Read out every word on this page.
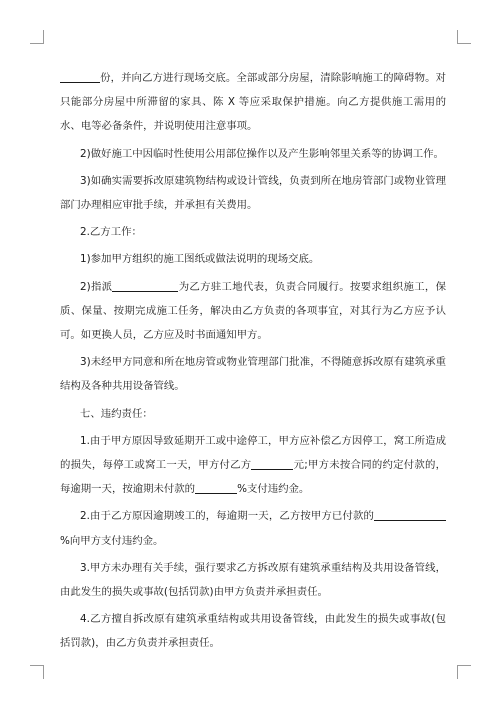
份，并向乙方进行现场交底。全部或部分房屋，清除影响施工的障碍物。对只能部分房屋中所滞留的家具、陈 X 等应采取保护措施。向乙方提供施工需用的水、电等必备条件，并说明使用注意事项。

2)做好施工中因临时性使用公用部位操作以及产生影响邻里关系等的协调工作。

3)如确实需要拆改原建筑物结构或设计管线，负责到所在地房管部门或物业管理部门办理相应审批手续，并承担有关费用。

2.乙方工作：

1)参加甲方组织的施工图纸或做法说明的现场交底。

2)指派	为乙方驻工地代表，负责合同履行。按要求组织施工，保质、保量、按期完成施工任务，解决由乙方负责的各项事宜，对其行为乙方应予认可。如更换人员，乙方应及时书面通知甲方。

3)未经甲方同意和所在地房管或物业管理部门批准，不得随意拆改原有建筑承重结构及各种共用设备管线。

七、违约责任：

1.由于甲方原因导致延期开工或中途停工，甲方应补偿乙方因停工，窝工所造成的损失，每停工或窝工一天，甲方付乙方	元;甲方未按合同的约定付款的，每逾期一天，按逾期未付款的	%支付违约金。

2.由于乙方原因逾期竣工的，每逾期一天，乙方按甲方已付款的%向甲方支付违约金。

3.甲方未办理有关手续，强行要求乙方拆改原有建筑承重结构及共用设备管线，由此发生的损失或事故(包括罚款)由甲方负责并承担责任。

4.乙方擅自拆改原有建筑承重结构或共用设备管线，由此发生的损失或事故(包括罚款)，由乙方负责并承担责任。
